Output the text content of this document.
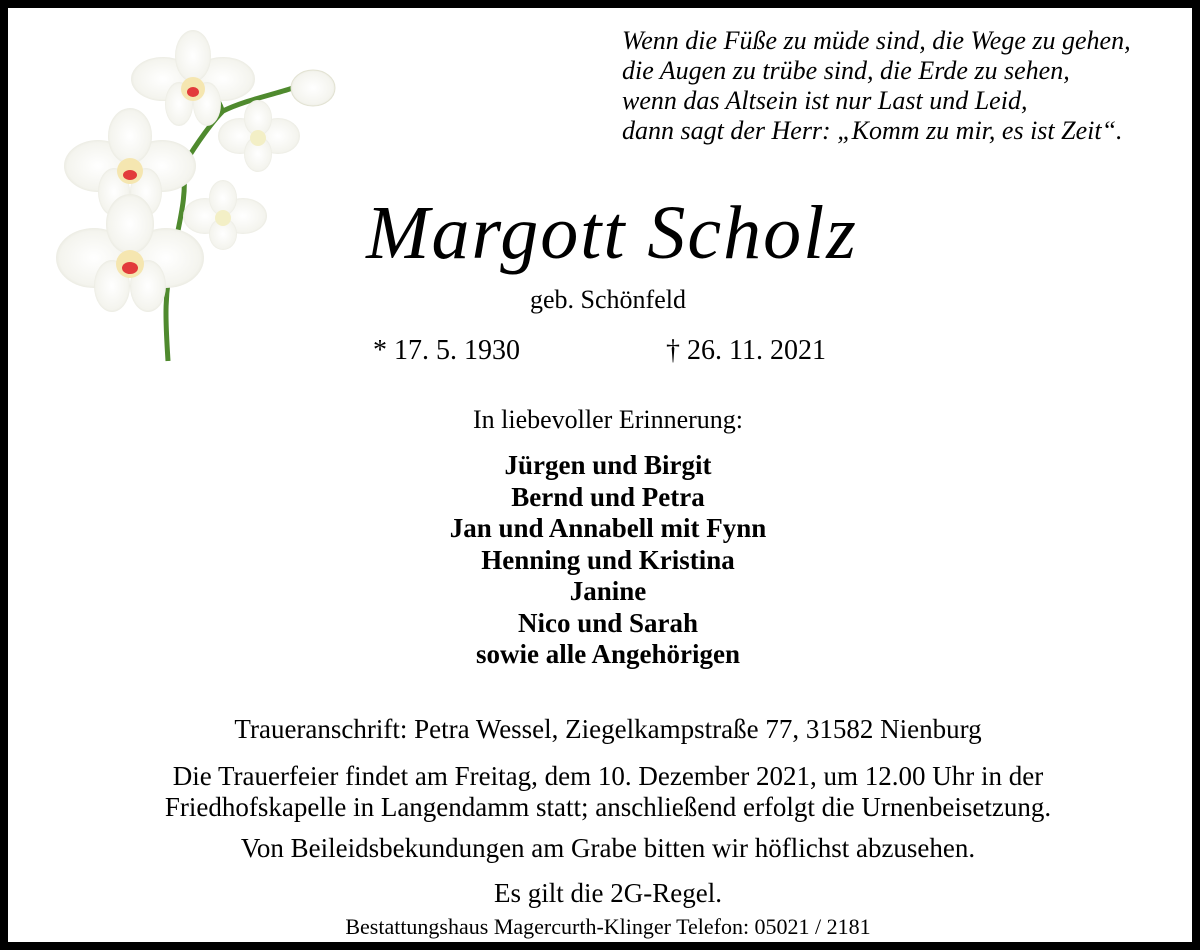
Wenn die Füße zu müde sind, die Wege zu gehen,
die Augen zu trübe sind, die Erde zu sehen,
wenn das Altsein ist nur Last und Leid,
dann sagt der Herr: „Komm zu mir, es ist Zeit“.
Margott Scholz
geb. Schönfeld
* 17. 5. 1930	† 26. 11. 2021
In liebevoller Erinnerung:
Jürgen und Birgit
Bernd und Petra
Jan und Annabell mit Fynn
Henning und Kristina
Janine
Nico und Sarah
sowie alle Angehörigen
Traueranschrift: Petra Wessel, Ziegelkampstraße 77, 31582 Nienburg
Die Trauerfeier findet am Freitag, dem 10. Dezember 2021, um 12.00 Uhr in der
Friedhofskapelle in Langendamm statt; anschließend erfolgt die Urnenbeisetzung.
Von Beileidsbekundungen am Grabe bitten wir höflichst abzusehen.
Es gilt die 2G-Regel.
Bestattungshaus Magercurth-Klinger Telefon: 05021 / 2181
